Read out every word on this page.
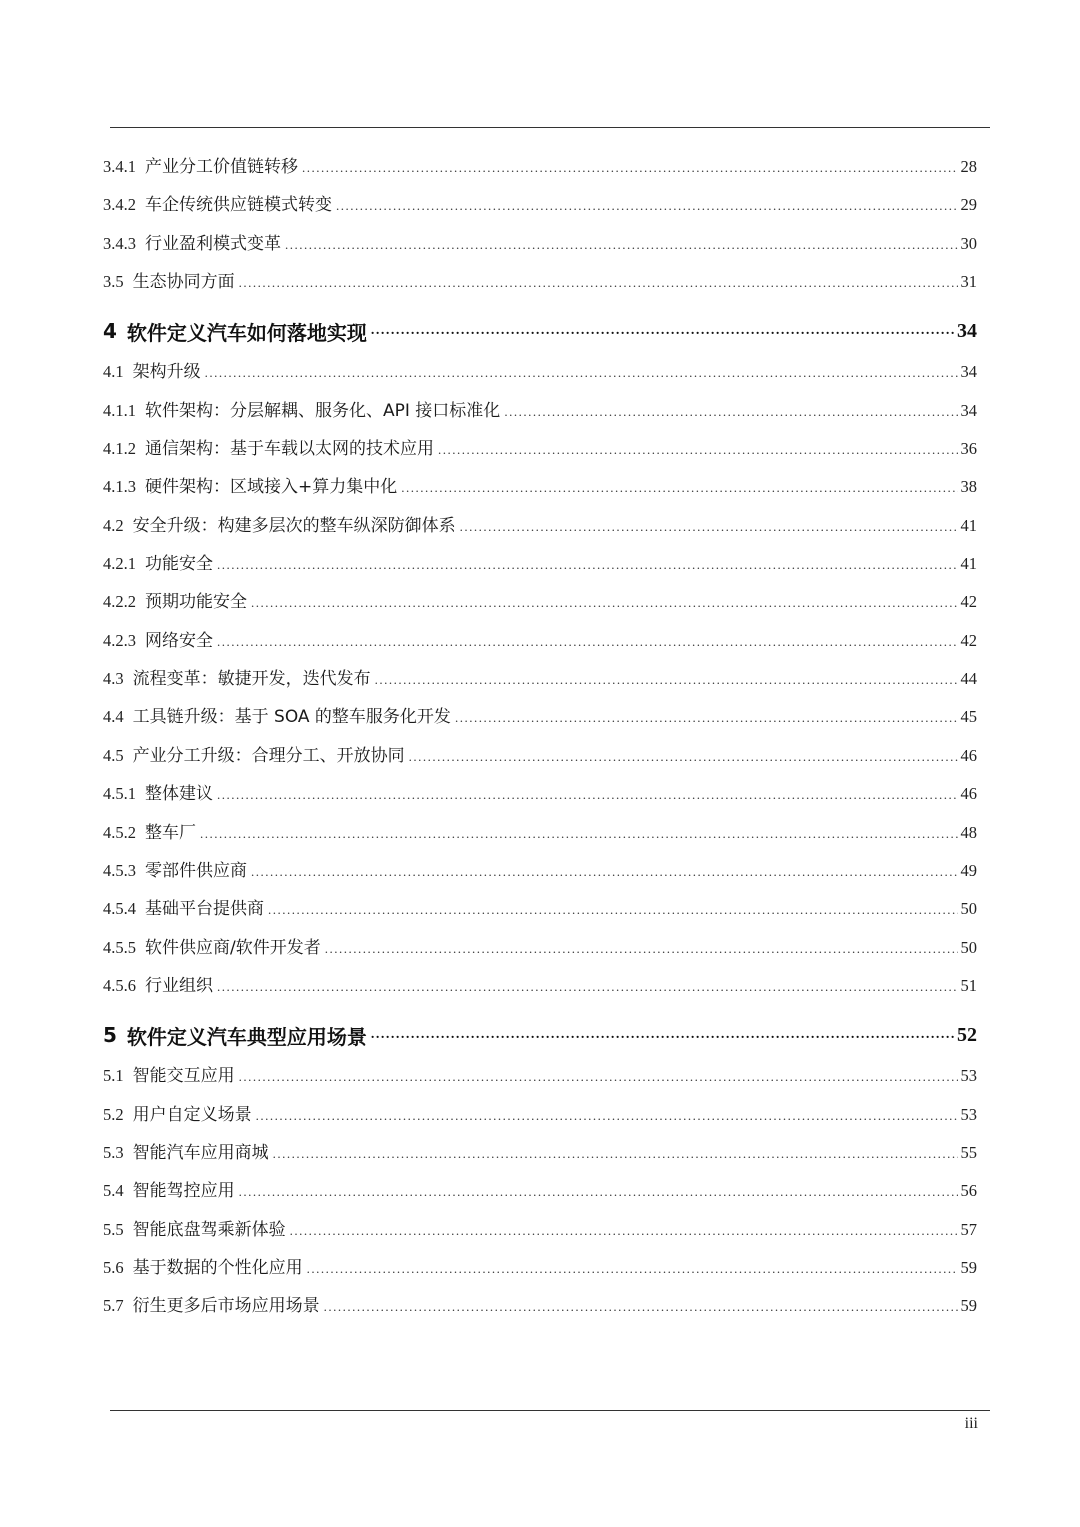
3.4.1 产业分工价值链转移 .....	28
3.4.2 车企传统供应链模式转变 .....	29
3.4.3 行业盈利模式变革 .....	30
3.5 生态协同方面 .....	31
4 软件定义汽车如何落地实现 .....	34
4.1 架构升级 .....	34
4.1.1 软件架构：分层解耦、服务化、API 接口标准化 .....	34
4.1.2 通信架构：基于车载以太网的技术应用 .....	36
4.1.3 硬件架构：区域接入+算力集中化 .....	38
4.2 安全升级：构建多层次的整车纵深防御体系 .....	41
4.2.1 功能安全 .....	41
4.2.2 预期功能安全 .....	42
4.2.3 网络安全 .....	42
4.3 流程变革：敏捷开发，迭代发布 .....	44
4.4 工具链升级：基于 SOA 的整车服务化开发 .....	45
4.5 产业分工升级：合理分工、开放协同 .....	46
4.5.1 整体建议 .....	46
4.5.2 整车厂 .....	48
4.5.3 零部件供应商 .....	49
4.5.4 基础平台提供商 .....	50
4.5.5 软件供应商/软件开发者 .....	50
4.5.6 行业组织 .....	51
5 软件定义汽车典型应用场景 .....	52
5.1 智能交互应用 .....	53
5.2 用户自定义场景 .....	53
5.3 智能汽车应用商城 .....	55
5.4 智能驾控应用 .....	56
5.5 智能底盘驾乘新体验 .....	57
5.6 基于数据的个性化应用 .....	59
5.7 衍生更多后市场应用场景 .....	59
iii
